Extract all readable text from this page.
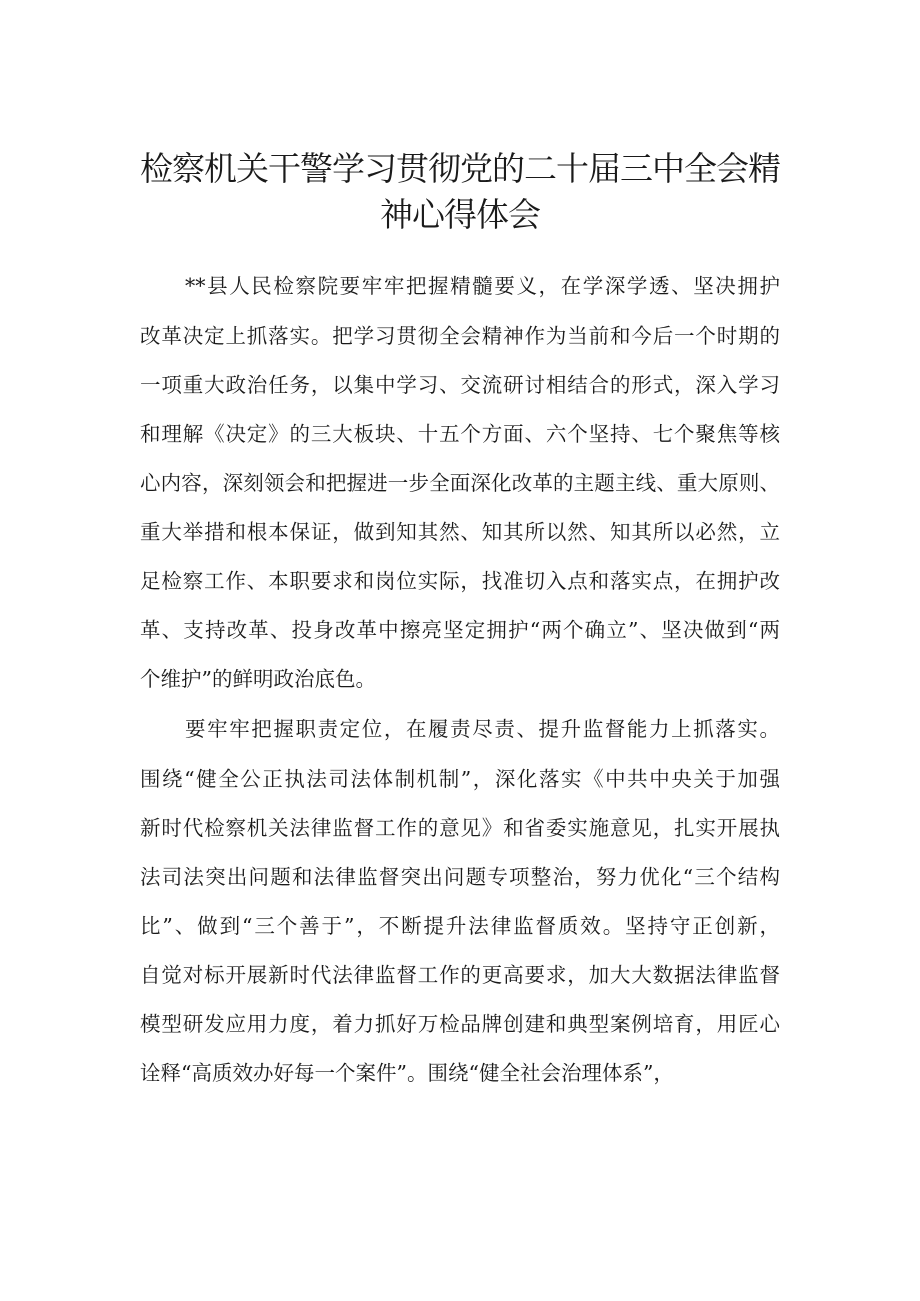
检察机关干警学习贯彻党的二十届三中全会精
神心得体会
**县人民检察院要牢牢把握精髓要义，在学深学透、坚决拥护
改革决定上抓落实。把学习贯彻全会精神作为当前和今后一个时期的
一项重大政治任务，以集中学习、交流研讨相结合的形式，深入学习
和理解《决定》的三大板块、十五个方面、六个坚持、七个聚焦等核
心内容，深刻领会和把握进一步全面深化改革的主题主线、重大原则、
重大举措和根本保证，做到知其然、知其所以然、知其所以必然，立
足检察工作、本职要求和岗位实际，找准切入点和落实点，在拥护改
革、支持改革、投身改革中擦亮坚定拥护“两个确立”、坚决做到“两
个维护”的鲜明政治底色。
要牢牢把握职责定位，在履责尽责、提升监督能力上抓落实。
围绕“健全公正执法司法体制机制”，深化落实《中共中央关于加强
新时代检察机关法律监督工作的意见》和省委实施意见，扎实开展执
法司法突出问题和法律监督突出问题专项整治，努力优化“三个结构
比”、做到“三个善于”，不断提升法律监督质效。坚持守正创新，
自觉对标开展新时代法律监督工作的更高要求，加大大数据法律监督
模型研发应用力度，着力抓好万检品牌创建和典型案例培育，用匠心
诠释“高质效办好每一个案件”。围绕“健全社会治理体系”，
